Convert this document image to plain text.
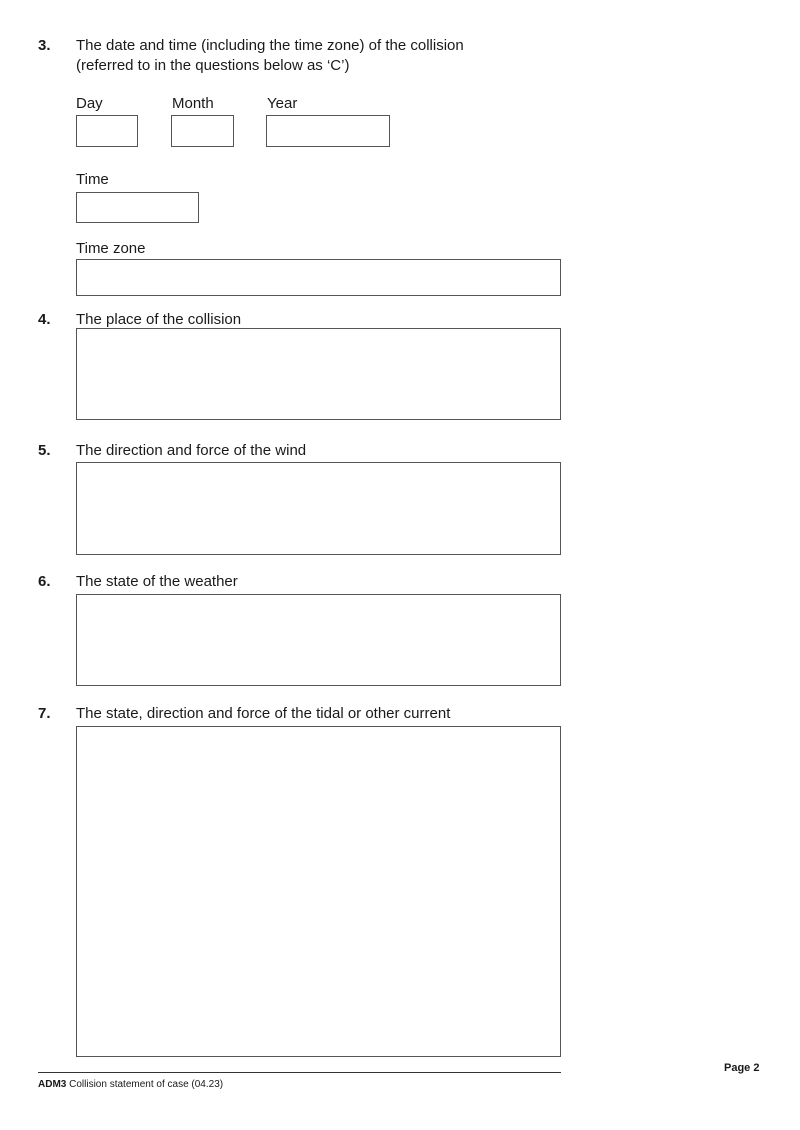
3. The date and time (including the time zone) of the collision
(referred to in the questions below as ‘C’)
Day	Month	Year
Time
Time zone
4. The place of the collision
5. The direction and force of the wind
6. The state of the weather
7. The state, direction and force of the tidal or other current
ADM3 Collision statement of case (04.23)
Page 2
